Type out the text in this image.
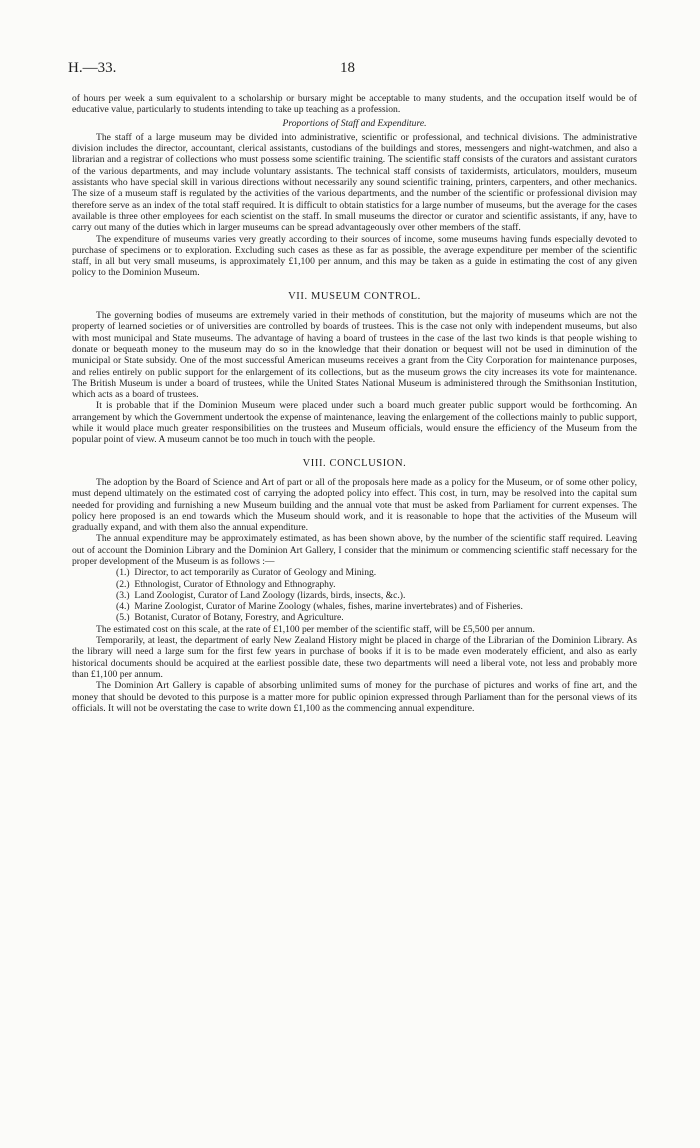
H.—33.	18

of hours per week a sum equivalent to a scholarship or bursary might be acceptable to many students, and the occupation itself would be of educative value, particularly to students intending to take up teaching as a profession.

Proportions of Staff and Expenditure.

The staff of a large museum may be divided into administrative, scientific or professional, and technical divisions. The administrative division includes the director, accountant, clerical assistants, custodians of the buildings and stores, messengers and night-watchmen, and also a librarian and a registrar of collections who must possess some scientific training. The scientific staff consists of the curators and assistant curators of the various departments, and may include voluntary assistants. The technical staff consists of taxidermists, articulators, moulders, museum assistants who have special skill in various directions without necessarily any sound scientific training, printers, carpenters, and other mechanics. The size of a museum staff is regulated by the activities of the various departments, and the number of the scientific or professional division may therefore serve as an index of the total staff required. It is difficult to obtain statistics for a large number of museums, but the average for the cases available is three other employees for each scientist on the staff. In small museums the director or curator and scientific assistants, if any, have to carry out many of the duties which in larger museums can be spread advantageously over other members of the staff.

The expenditure of museums varies very greatly according to their sources of income, some museums having funds especially devoted to purchase of specimens or to exploration. Excluding such cases as these as far as possible, the average expenditure per member of the scientific staff, in all but very small museums, is approximately £1,100 per annum, and this may be taken as a guide in estimating the cost of any given policy to the Dominion Museum.

VII. MUSEUM CONTROL.

The governing bodies of museums are extremely varied in their methods of constitution, but the majority of museums which are not the property of learned societies or of universities are controlled by boards of trustees. This is the case not only with independent museums, but also with most municipal and State museums. The advantage of having a board of trustees in the case of the last two kinds is that people wishing to donate or bequeath money to the museum may do so in the knowledge that their donation or bequest will not be used in diminution of the municipal or State subsidy. One of the most successful American museums receives a grant from the City Corporation for maintenance purposes, and relies entirely on public support for the enlargement of its collections, but as the museum grows the city increases its vote for maintenance. The British Museum is under a board of trustees, while the United States National Museum is administered through the Smithsonian Institution, which acts as a board of trustees.

It is probable that if the Dominion Museum were placed under such a board much greater public support would be forthcoming. An arrangement by which the Government undertook the expense of maintenance, leaving the enlargement of the collections mainly to public support, while it would place much greater responsibilities on the trustees and Museum officials, would ensure the efficiency of the Museum from the popular point of view. A museum cannot be too much in touch with the people.

VIII. CONCLUSION.

The adoption by the Board of Science and Art of part or all of the proposals here made as a policy for the Museum, or of some other policy, must depend ultimately on the estimated cost of carrying the adopted policy into effect. This cost, in turn, may be resolved into the capital sum needed for providing and furnishing a new Museum building and the annual vote that must be asked from Parliament for current expenses. The policy here proposed is an end towards which the Museum should work, and it is reasonable to hope that the activities of the Museum will gradually expand, and with them also the annual expenditure.

The annual expenditure may be approximately estimated, as has been shown above, by the number of the scientific staff required. Leaving out of account the Dominion Library and the Dominion Art Gallery, I consider that the minimum or commencing scientific staff necessary for the proper development of the Museum is as follows :—

(1.) Director, to act temporarily as Curator of Geology and Mining.
(2.) Ethnologist, Curator of Ethnology and Ethnography.
(3.) Land Zoologist, Curator of Land Zoology (lizards, birds, insects, &c.).
(4.) Marine Zoologist, Curator of Marine Zoology (whales, fishes, marine invertebrates) and of Fisheries.
(5.) Botanist, Curator of Botany, Forestry, and Agriculture.

The estimated cost on this scale, at the rate of £1,100 per member of the scientific staff, will be £5,500 per annum.

Temporarily, at least, the department of early New Zealand History might be placed in charge of the Librarian of the Dominion Library. As the library will need a large sum for the first few years in purchase of books if it is to be made even moderately efficient, and also as early historical documents should be acquired at the earliest possible date, these two departments will need a liberal vote, not less and probably more than £1,100 per annum.

The Dominion Art Gallery is capable of absorbing unlimited sums of money for the purchase of pictures and works of fine art, and the money that should be devoted to this purpose is a matter more for public opinion expressed through Parliament than for the personal views of its officials. It will not be overstating the case to write down £1,100 as the commencing annual expenditure.
